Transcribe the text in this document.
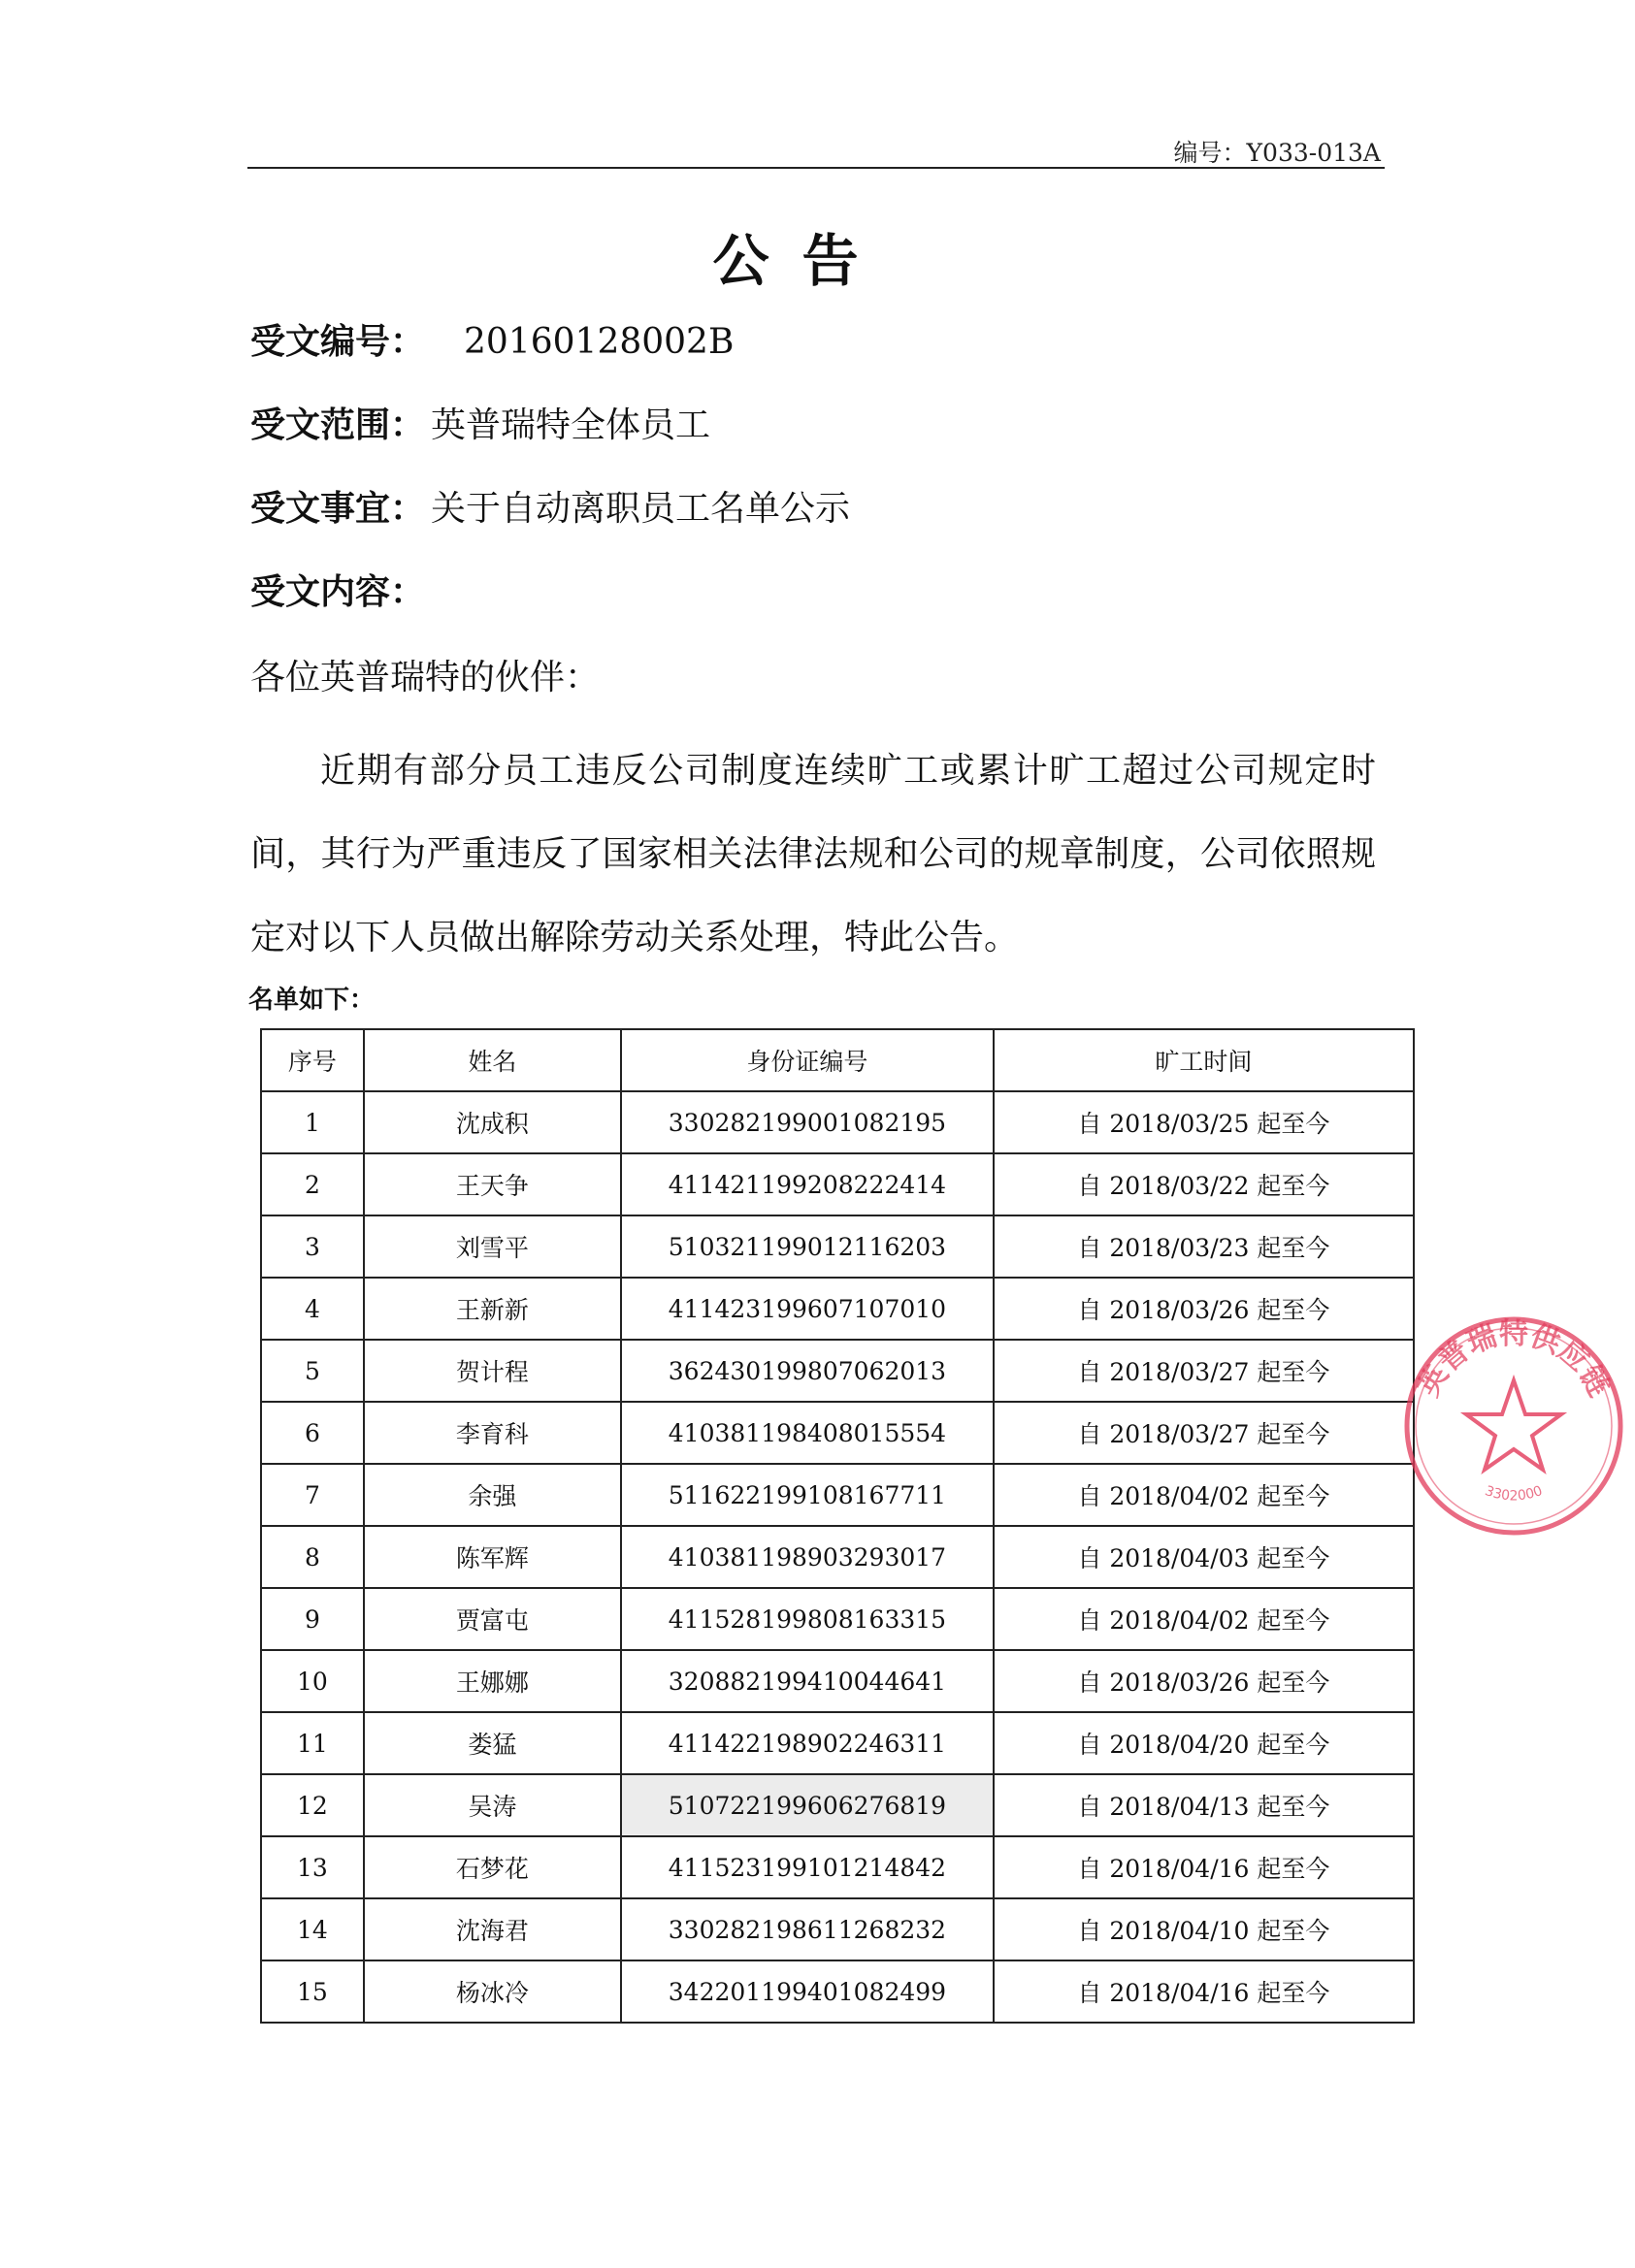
编号：Y033-013A
公告
受文编号： 20160128002B
受文范围： 英普瑞特全体员工
受文事宜： 关于自动离职员工名单公示
受文内容：
各位英普瑞特的伙伴：
近期有部分员工违反公司制度连续旷工或累计旷工超过公司规定时间，其行为严重违反了国家相关法律法规和公司的规章制度，公司依照规定对以下人员做出解除劳动关系处理，特此公告。
名单如下：
序号	姓名	身份证编号	旷工时间
1	沈成积	330282199001082195	自 2018/03/25 起至今
2	王天争	411421199208222414	自 2018/03/22 起至今
3	刘雪平	510321199012116203	自 2018/03/23 起至今
4	王新新	411423199607107010	自 2018/03/26 起至今
5	贺计程	362430199807062013	自 2018/03/27 起至今
6	李育科	410381198408015554	自 2018/03/27 起至今
7	余强	511622199108167711	自 2018/04/02 起至今
8	陈军辉	410381198903293017	自 2018/04/03 起至今
9	贾富屯	411528199808163315	自 2018/04/02 起至今
10	王娜娜	320882199410044641	自 2018/03/26 起至今
11	娄猛	411422198902246311	自 2018/04/20 起至今
12	吴涛	510722199606276819	自 2018/04/13 起至今
13	石梦花	411523199101214842	自 2018/04/16 起至今
14	沈海君	330282198611268232	自 2018/04/10 起至今
15	杨冰冷	342201199401082499	自 2018/04/16 起至今
英普瑞特供应链
3302000
